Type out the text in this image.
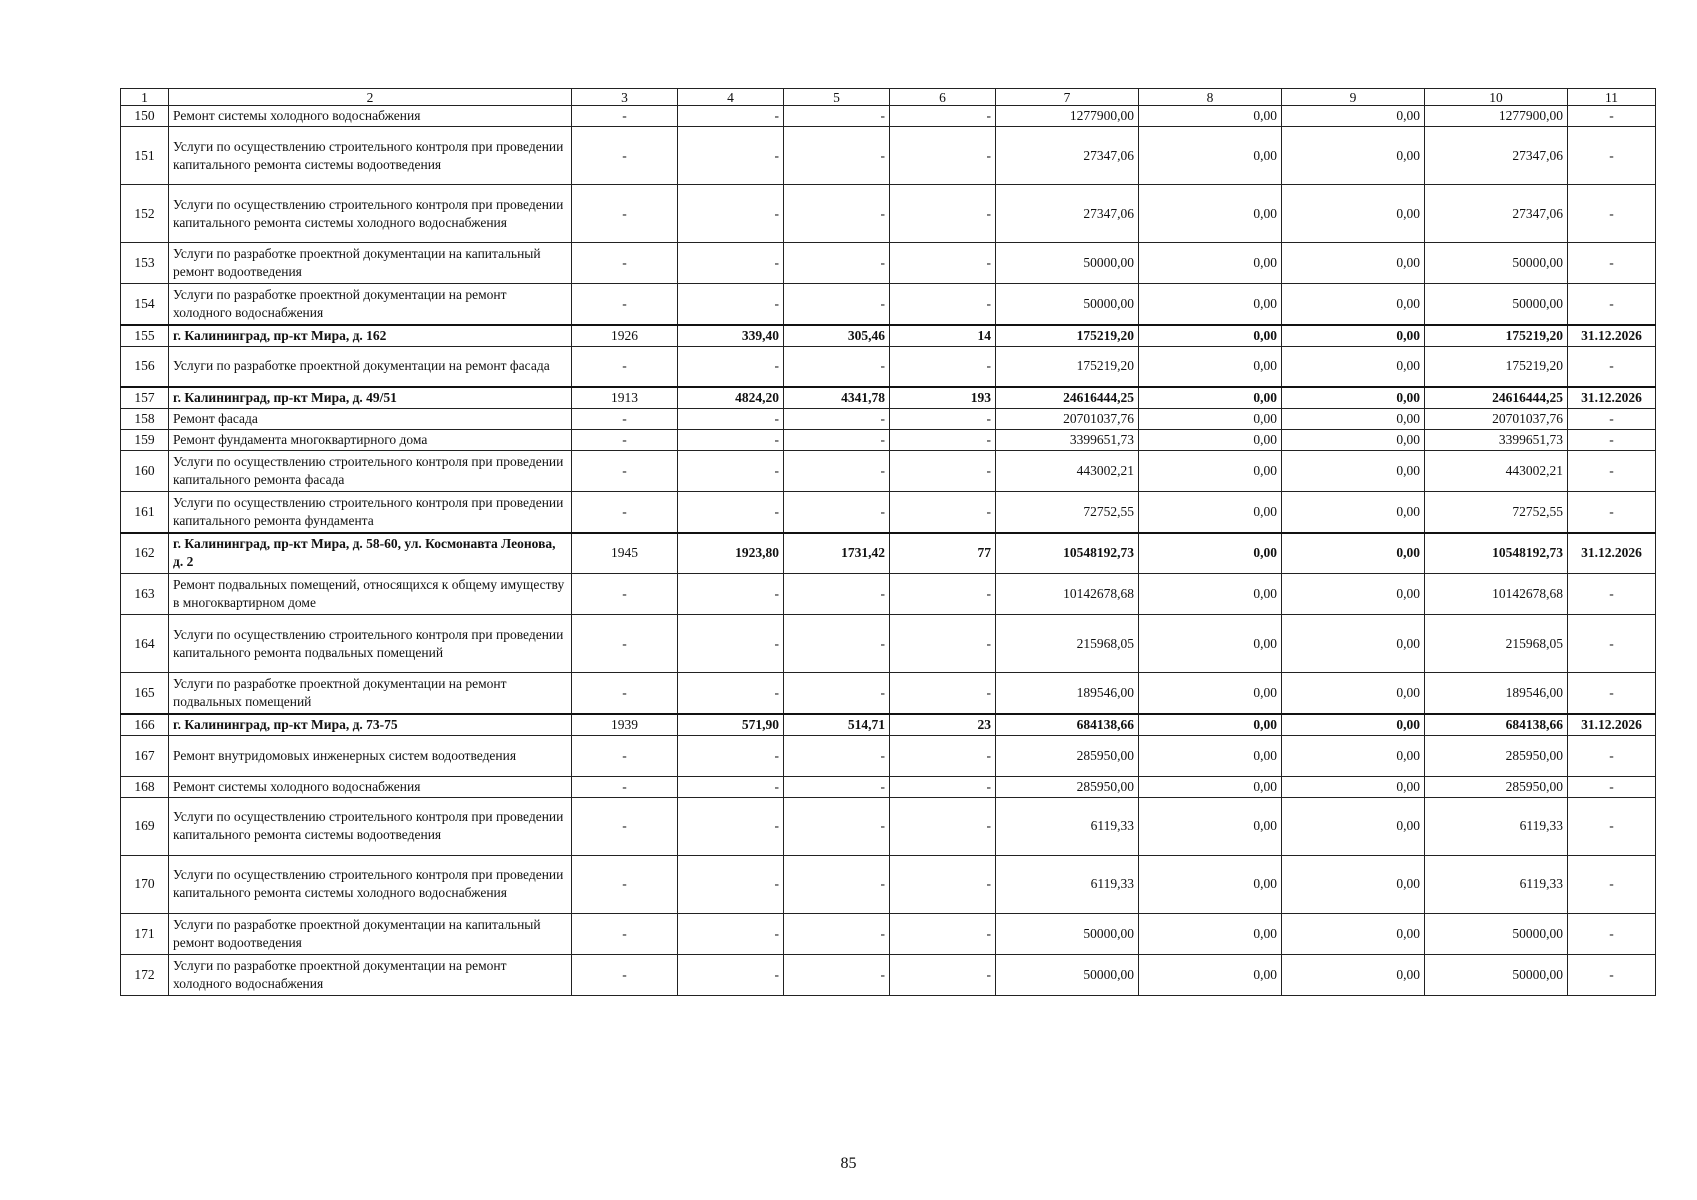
1	2	3	4	5	6	7	8	9	10	11
150	Ремонт системы холодного водоснабжения	-	-	-	-	1277900,00	0,00	0,00	1277900,00	-
151	Услуги по осуществлению строительного контроля при проведении капитального ремонта системы водоотведения	-	-	-	-	27347,06	0,00	0,00	27347,06	-
152	Услуги по осуществлению строительного контроля при проведении капитального ремонта системы холодного водоснабжения	-	-	-	-	27347,06	0,00	0,00	27347,06	-
153	Услуги по разработке проектной документации на капитальный ремонт водоотведения	-	-	-	-	50000,00	0,00	0,00	50000,00	-
154	Услуги по разработке проектной документации на ремонт холодного водоснабжения	-	-	-	-	50000,00	0,00	0,00	50000,00	-
155	г. Калининград, пр-кт Мира, д. 162	1926	339,40	305,46	14	175219,20	0,00	0,00	175219,20	31.12.2026
156	Услуги по разработке проектной документации на ремонт фасада	-	-	-	-	175219,20	0,00	0,00	175219,20	-
157	г. Калининград, пр-кт Мира, д. 49/51	1913	4824,20	4341,78	193	24616444,25	0,00	0,00	24616444,25	31.12.2026
158	Ремонт фасада	-	-	-	-	20701037,76	0,00	0,00	20701037,76	-
159	Ремонт фундамента многоквартирного дома	-	-	-	-	3399651,73	0,00	0,00	3399651,73	-
160	Услуги по осуществлению строительного контроля при проведении капитального ремонта фасада	-	-	-	-	443002,21	0,00	0,00	443002,21	-
161	Услуги по осуществлению строительного контроля при проведении капитального ремонта фундамента	-	-	-	-	72752,55	0,00	0,00	72752,55	-
162	г. Калининград, пр-кт Мира, д. 58-60, ул. Космонавта Леонова, д. 2	1945	1923,80	1731,42	77	10548192,73	0,00	0,00	10548192,73	31.12.2026
163	Ремонт подвальных помещений, относящихся к общему имуществу в многоквартирном доме	-	-	-	-	10142678,68	0,00	0,00	10142678,68	-
164	Услуги по осуществлению строительного контроля при проведении капитального ремонта подвальных помещений	-	-	-	-	215968,05	0,00	0,00	215968,05	-
165	Услуги по разработке проектной документации на ремонт подвальных помещений	-	-	-	-	189546,00	0,00	0,00	189546,00	-
166	г. Калининград, пр-кт Мира, д. 73-75	1939	571,90	514,71	23	684138,66	0,00	0,00	684138,66	31.12.2026
167	Ремонт внутридомовых инженерных систем водоотведения	-	-	-	-	285950,00	0,00	0,00	285950,00	-
168	Ремонт системы холодного водоснабжения	-	-	-	-	285950,00	0,00	0,00	285950,00	-
169	Услуги по осуществлению строительного контроля при проведении капитального ремонта системы водоотведения	-	-	-	-	6119,33	0,00	0,00	6119,33	-
170	Услуги по осуществлению строительного контроля при проведении капитального ремонта системы холодного водоснабжения	-	-	-	-	6119,33	0,00	0,00	6119,33	-
171	Услуги по разработке проектной документации на капитальный ремонт водоотведения	-	-	-	-	50000,00	0,00	0,00	50000,00	-
172	Услуги по разработке проектной документации на ремонт холодного водоснабжения	-	-	-	-	50000,00	0,00	0,00	50000,00	-
85
